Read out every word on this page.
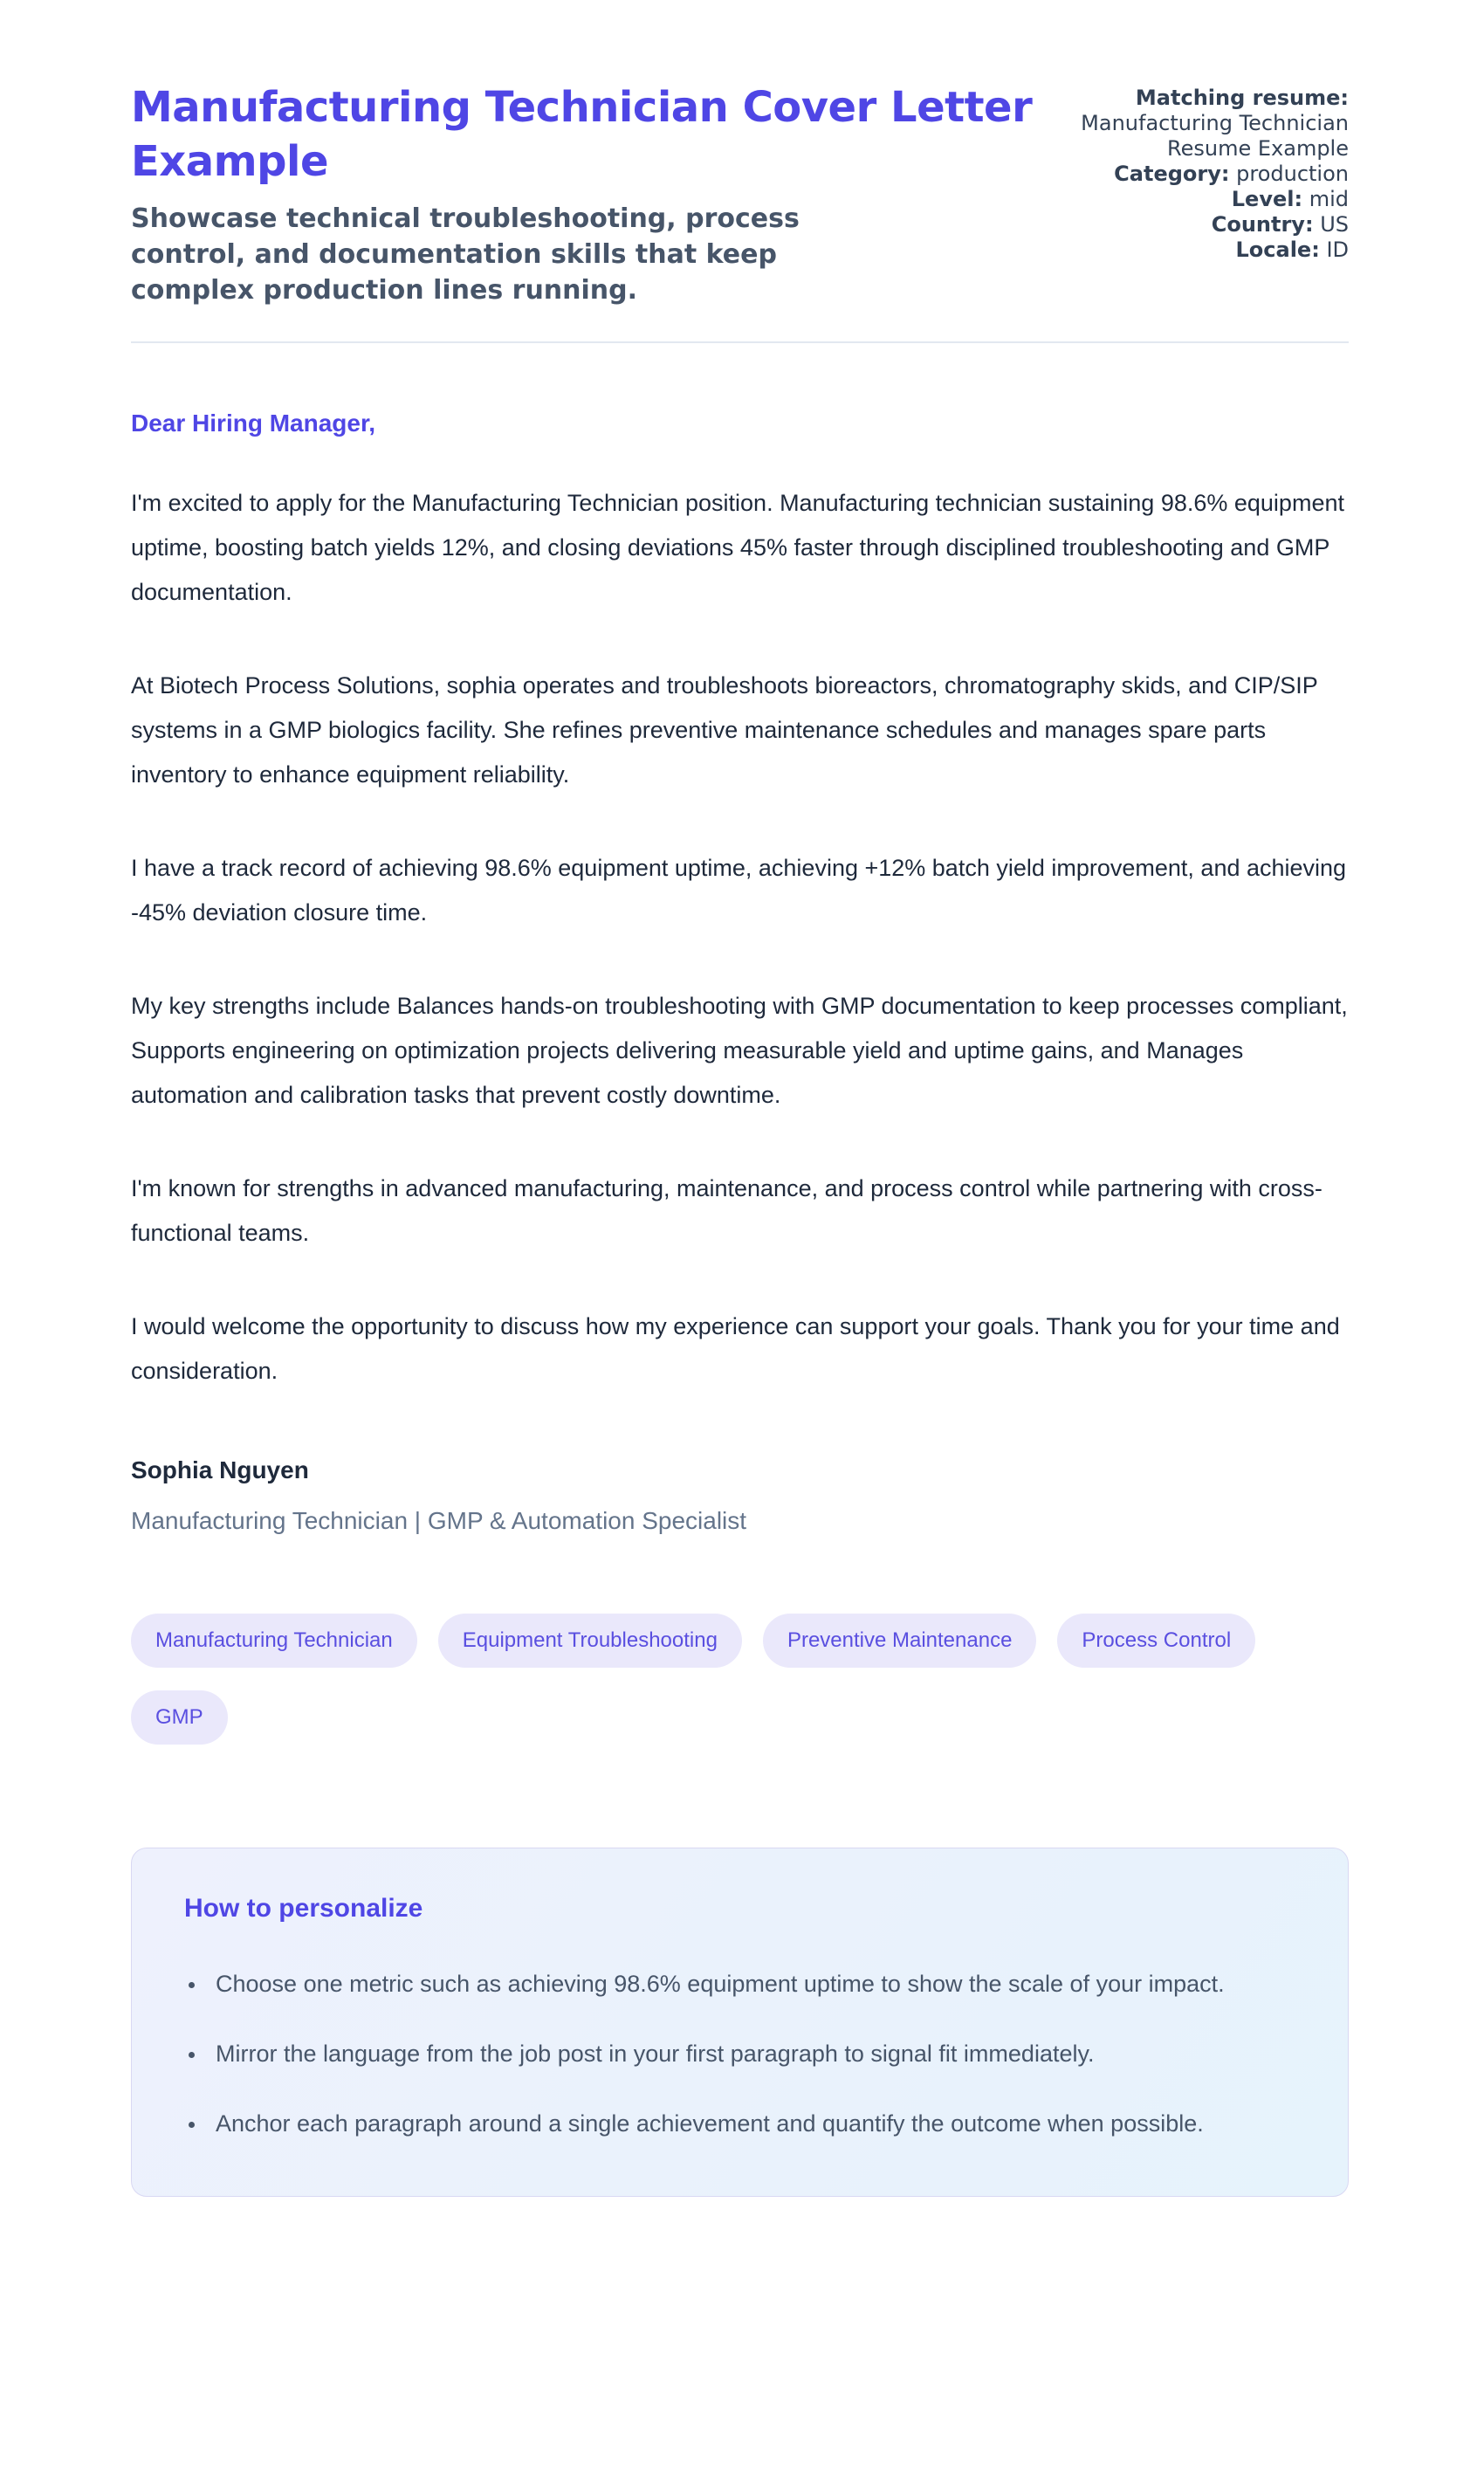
Manufacturing Technician Cover Letter Example

Showcase technical troubleshooting, process control, and documentation skills that keep complex production lines running.

Matching resume: Manufacturing Technician Resume Example
Category: production
Level: mid
Country: US
Locale: ID

Dear Hiring Manager,

I'm excited to apply for the Manufacturing Technician position. Manufacturing technician sustaining 98.6% equipment uptime, boosting batch yields 12%, and closing deviations 45% faster through disciplined troubleshooting and GMP documentation.

At Biotech Process Solutions, sophia operates and troubleshoots bioreactors, chromatography skids, and CIP/SIP systems in a GMP biologics facility. She refines preventive maintenance schedules and manages spare parts inventory to enhance equipment reliability.

I have a track record of achieving 98.6% equipment uptime, achieving +12% batch yield improvement, and achieving -45% deviation closure time.

My key strengths include Balances hands-on troubleshooting with GMP documentation to keep processes compliant, Supports engineering on optimization projects delivering measurable yield and uptime gains, and Manages automation and calibration tasks that prevent costly downtime.

I'm known for strengths in advanced manufacturing, maintenance, and process control while partnering with cross-functional teams.

I would welcome the opportunity to discuss how my experience can support your goals. Thank you for your time and consideration.

Sophia Nguyen

Manufacturing Technician | GMP & Automation Specialist

Manufacturing Technician	Equipment Troubleshooting	Preventive Maintenance	Process Control
GMP
How to personalize
• Choose one metric such as achieving 98.6% equipment uptime to show the scale of your impact.
• Mirror the language from the job post in your first paragraph to signal fit immediately.
• Anchor each paragraph around a single achievement and quantify the outcome when possible.
